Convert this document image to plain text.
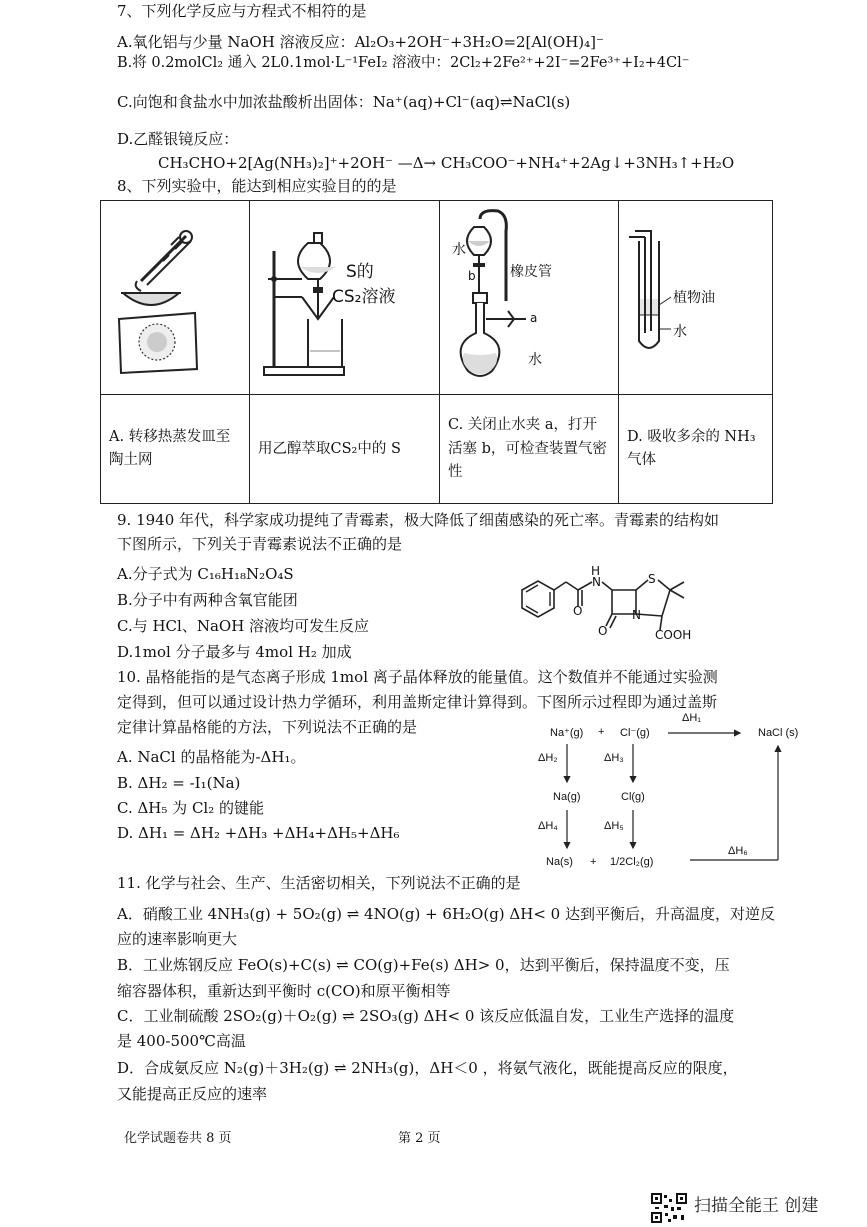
7、下列化学反应与方程式不相符的是
A.氧化铝与少量 NaOH 溶液反应：Al₂O₃+2OH⁻+3H₂O=2[Al(OH)₄]⁻
B.将 0.2molCl₂ 通入 2L0.1mol·L⁻¹FeI₂ 溶液中：2Cl₂+2Fe²⁺+2I⁻=2Fe³⁺+I₂+4Cl⁻
C.向饱和食盐水中加浓盐酸析出固体：Na⁺(aq)+Cl⁻(aq)⇌NaCl(s)
D.乙醛银镜反应：
CH₃CHO+2[Ag(NH₃)₂]⁺+2OH⁻ —Δ→ CH₃COO⁻+NH₄⁺+2Ag↓+3NH₃↑+H₂O
8、下列实验中，能达到相应实验目的的是

S的
CS₂溶液	水
b 橡皮管
a
水	植物油
水

A. 转移热蒸发皿至陶土网	用乙醇萃取CS₂中的 S	C. 关闭止水夹 a，打开活塞 b，可检查装置气密性	D. 吸收多余的 NH₃ 气体
9. 1940 年代，科学家成功提纯了青霉素，极大降低了细菌感染的死亡率。青霉素的结构如
下图所示，下列关于青霉素说法不正确的是
A.分子式为 C₁₆H₁₈N₂O₄S
B.分子中有两种含氧官能团
C.与 HCl、NaOH 溶液均可发生反应
D.1mol 分子最多与 4mol H₂ 加成
H
N
O
S
N
O	COOH
10. 晶格能指的是气态离子形成 1mol 离子晶体释放的能量值。这个数值并不能通过实验测
定得到，但可以通过设计热力学循环，利用盖斯定律计算得到。下图所示过程即为通过盖斯
定律计算晶格能的方法，下列说法不正确的是
A. NaCl 的晶格能为-ΔH₁。
B. ΔH₂ = -I₁(Na)
C. ΔH₅ 为 Cl₂ 的键能
D. ΔH₁ = ΔH₂ +ΔH₃ +ΔH₄+ΔH₅+ΔH₆
Na⁺(g) + Cl⁻(g)
ΔH₁
NaCl (s)
ΔH₂	ΔH₃
Na(g)	Cl(g)
ΔH₄	ΔH₅
ΔH₆
Na(s) + 1/2Cl₂(g)
11. 化学与社会、生产、生活密切相关，下列说法不正确的是
A．硝酸工业 4NH₃(g) + 5O₂(g) ⇌ 4NO(g) + 6H₂O(g) ΔH< 0 达到平衡后，升高温度，对逆反
应的速率影响更大
B．工业炼钢反应 FeO(s)+C(s) ⇌ CO(g)+Fe(s) ΔH> 0，达到平衡后，保持温度不变，压
缩容器体积，重新达到平衡时 c(CO)和原平衡相等
C．工业制硫酸 2SO₂(g)＋O₂(g) ⇌ 2SO₃(g) ΔH< 0 该反应低温自发，工业生产选择的温度
是 400-500℃高温
D．合成氨反应 N₂(g)＋3H₂(g) ⇌ 2NH₃(g)，ΔH＜0 ，将氨气液化，既能提高反应的限度，
又能提高正反应的速率
化学试题卷共 8 页	第 2 页
扫描全能王 创建
